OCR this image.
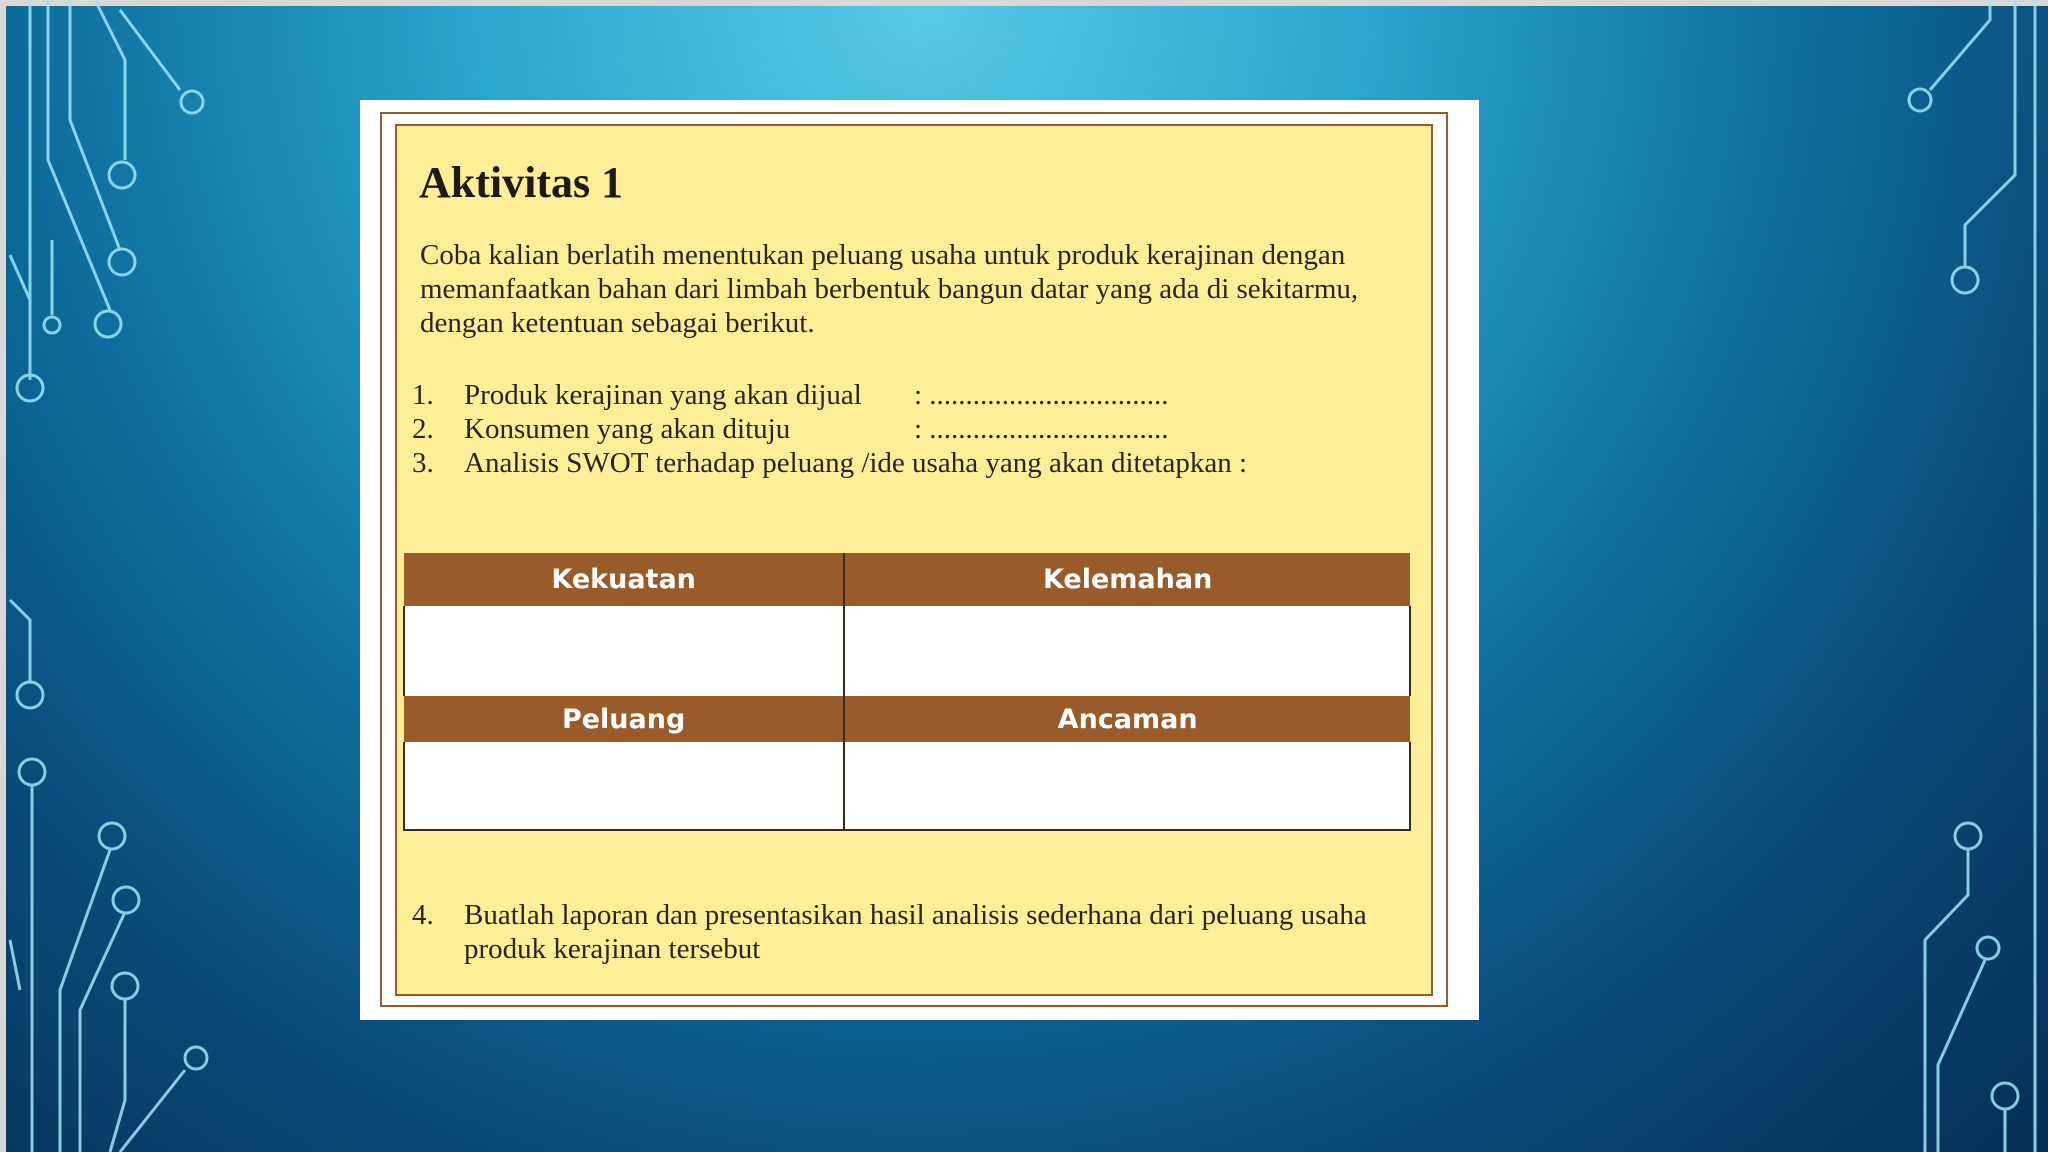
Aktivitas 1

Coba kalian berlatih menentukan peluang usaha untuk produk kerajinan dengan memanfaatkan bahan dari limbah berbentuk bangun datar yang ada di sekitarmu, dengan ketentuan sebagai berikut.

1. Produk kerajinan yang akan dijual : .................................
2. Konsumen yang akan dituju	: .................................
3. Analisis SWOT terhadap peluang /ide usaha yang akan ditetapkan :
Kekuatan	Kelemahan

Peluang	Ancaman

4.	Buatlah laporan dan presentasikan hasil analisis sederhana dari peluang usaha produk kerajinan tersebut
